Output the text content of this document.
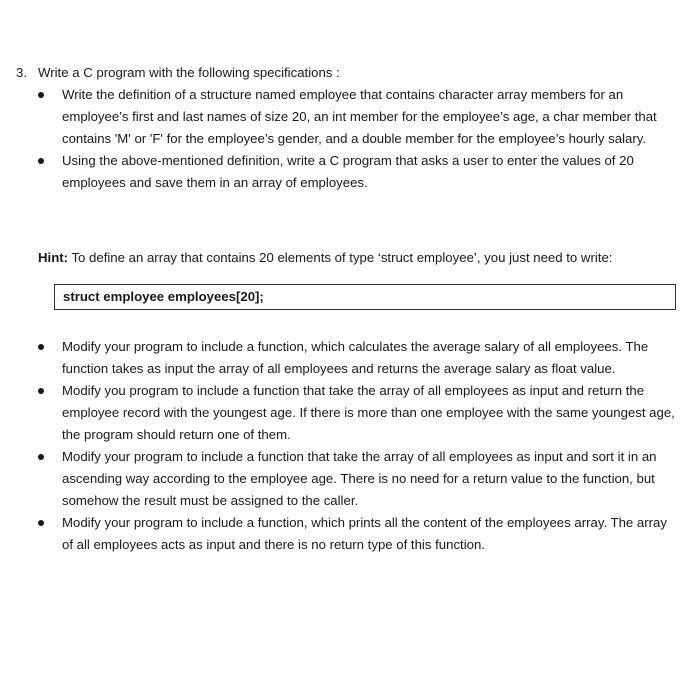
3. Write a C program with the following specifications :
Write the definition of a structure named employee that contains character array members for an employee’s first and last names of size 20, an int member for the employee’s age, a char member that contains 'M' or 'F' for the employee’s gender, and a double member for the employee’s hourly salary.
Using the above-mentioned definition, write a C program that asks a user to enter the values of 20 employees and save them in an array of employees.
Hint: To define an array that contains 20 elements of type ‘struct employee’, you just need to write:
struct employee employees[20];
Modify your program to include a function, which calculates the average salary of all employees. The function takes as input the array of all employees and returns the average salary as float value.
Modify you program to include a function that take the array of all employees as input and return the employee record with the youngest age. If there is more than one employee with the same youngest age, the program should return one of them.
Modify your program to include a function that take the array of all employees as input and sort it in an ascending way according to the employee age. There is no need for a return value to the function, but somehow the result must be assigned to the caller.
Modify your program to include a function, which prints all the content of the employees array. The array of all employees acts as input and there is no return type of this function.
